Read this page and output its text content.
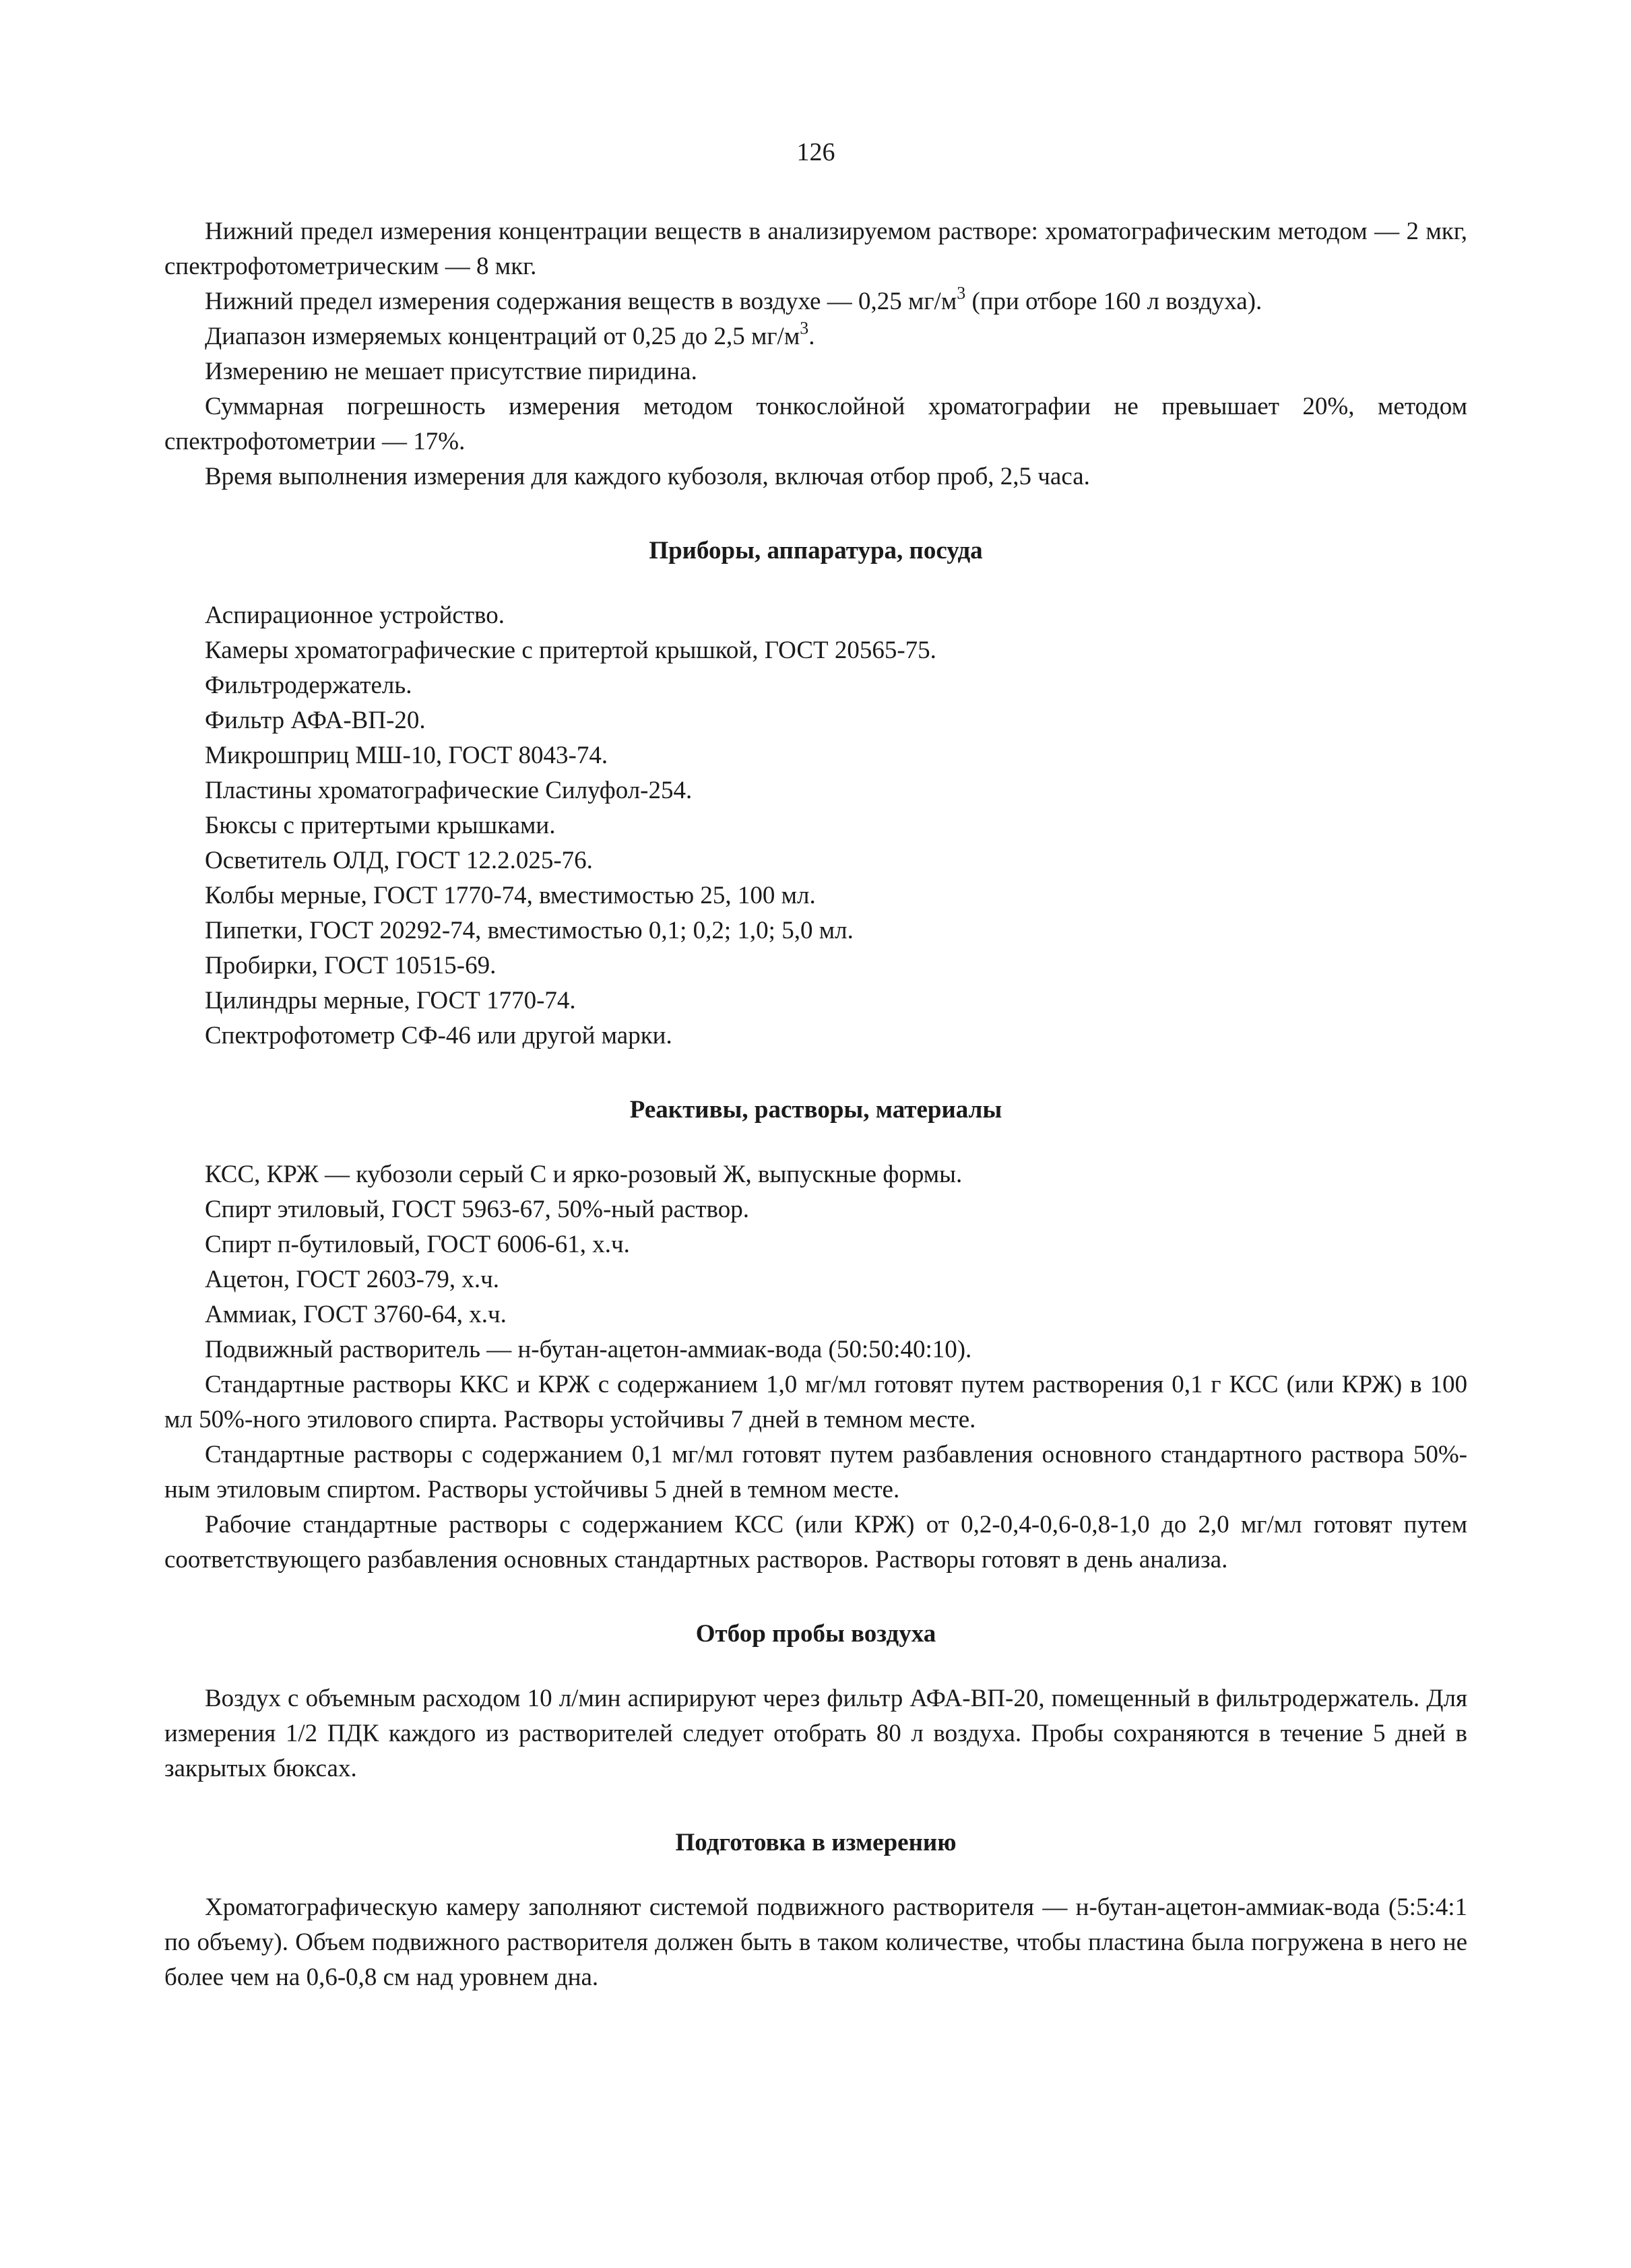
126

Нижний предел измерения концентрации веществ в анализируемом растворе: хроматографическим методом — 2 мкг, спектрофотометрическим — 8 мкг.

Нижний предел измерения содержания веществ в воздухе — 0,25 $мг/м^3$ (при отборе 160 л воздуха).

Диапазон измеряемых концентраций от 0,25 до 2,5 $мг/м^3$.

Измерению не мешает присутствие пиридина.

Суммарная погрешность измерения методом тонкослойной хроматографии не превышает 20%, методом спектрофотометрии — 17%.

Время выполнения измерения для каждого кубозоля, включая отбор проб, 2,5 часа.

Приборы, аппаратура, посуда

Аспирационное устройство.

Камеры хроматографические с притертой крышкой, ГОСТ 20565-75.

Фильтродержатель.

Фильтр АФА-ВП-20.

Микрошприц МШ-10, ГОСТ 8043-74.

Пластины хроматографические Силуфол-254.

Бюксы с притертыми крышками.

Осветитель ОЛД, ГОСТ 12.2.025-76.

Колбы мерные, ГОСТ 1770-74, вместимостью 25, 100 мл.

Пипетки, ГОСТ 20292-74, вместимостью 0,1; 0,2; 1,0; 5,0 мл.

Пробирки, ГОСТ 10515-69.

Цилиндры мерные, ГОСТ 1770-74.

Спектрофотометр СФ-46 или другой марки.

Реактивы, растворы, материалы

КСС, КРЖ — кубозоли серый С и ярко-розовый Ж, выпускные формы.

Спирт этиловый, ГОСТ 5963-67, 50%-ный раствор.

Спирт п-бутиловый, ГОСТ 6006-61, х.ч.

Ацетон, ГОСТ 2603-79, х.ч.

Аммиак, ГОСТ 3760-64, х.ч.

Подвижный растворитель — н-бутан-ацетон-аммиак-вода (50:50:40:10).

Стандартные растворы ККС и КРЖ с содержанием 1,0 мг/мл готовят путем растворения 0,1 г КСС (или КРЖ) в 100 мл 50%-ного этилового спирта. Растворы устойчивы 7 дней в темном месте.

Стандартные растворы с содержанием 0,1 мг/мл готовят путем разбавления основного стандартного раствора 50%-ным этиловым спиртом. Растворы устойчивы 5 дней в темном месте.

Рабочие стандартные растворы с содержанием КСС (или КРЖ) от 0,2-0,4-0,6-0,8-1,0 до 2,0 мг/мл готовят путем соответствующего разбавления основных стандартных растворов. Растворы готовят в день анализа.

Отбор пробы воздуха

Воздух с объемным расходом 10 л/мин аспирируют через фильтр АФА-ВП-20, помещенный в фильтродержатель. Для измерения 1/2 ПДК каждого из растворителей следует отобрать 80 л воздуха. Пробы сохраняются в течение 5 дней в закрытых бюксах.

Подготовка в измерению

Хроматографическую камеру заполняют системой подвижного растворителя — н-бутан-ацетон-аммиак-вода (5:5:4:1 по объему). Объем подвижного растворителя должен быть в таком количестве, чтобы пластина была погружена в него не более чем на 0,6-0,8 см над уровнем дна.
